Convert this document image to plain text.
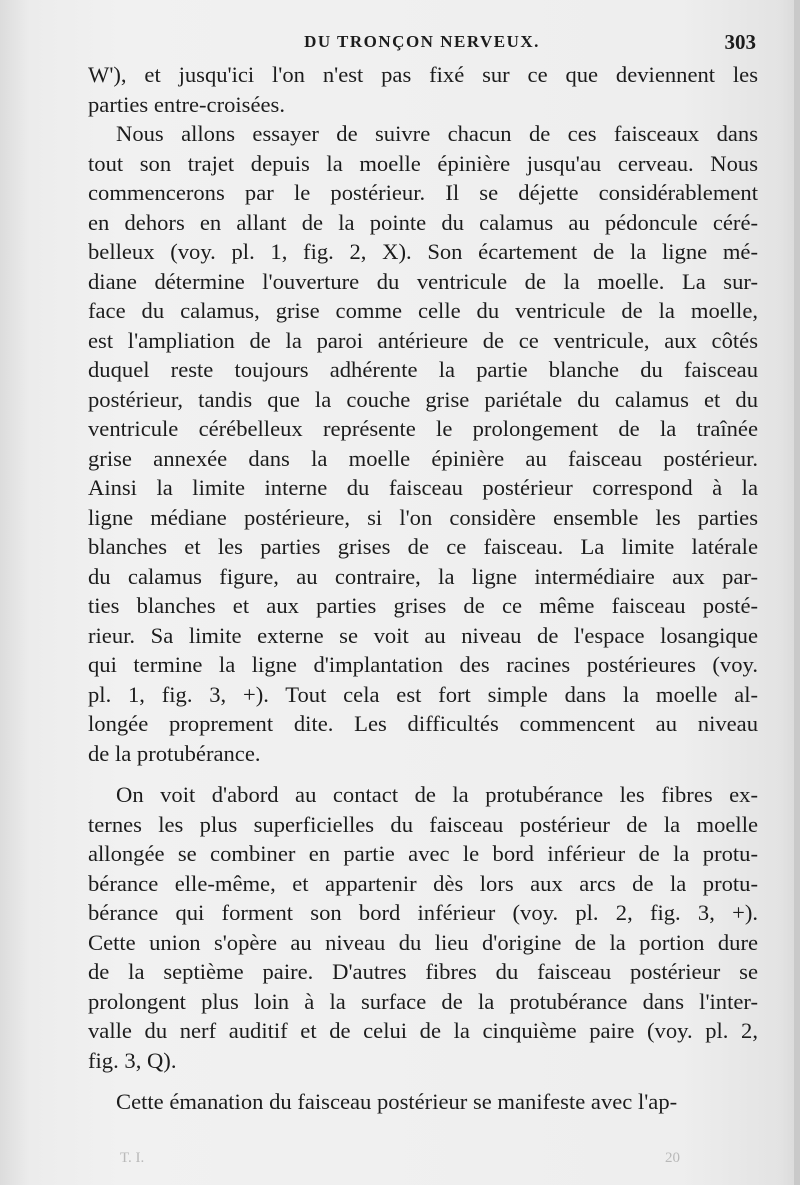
DU TRONÇON NERVEUX.	303
W'), et jusqu'ici l'on n'est pas fixé sur ce que deviennent les
parties entre-croisées.
Nous allons essayer de suivre chacun de ces faisceaux dans
tout son trajet depuis la moelle épinière jusqu'au cerveau. Nous
commencerons par le postérieur. Il se déjette considérablement
en dehors en allant de la pointe du calamus au pédoncule céré-
belleux (voy. pl. 1, fig. 2, X). Son écartement de la ligne mé-
diane détermine l'ouverture du ventricule de la moelle. La sur-
face du calamus, grise comme celle du ventricule de la moelle,
est l'ampliation de la paroi antérieure de ce ventricule, aux côtés
duquel reste toujours adhérente la partie blanche du faisceau
postérieur, tandis que la couche grise pariétale du calamus et du
ventricule cérébelleux représente le prolongement de la traînée
grise annexée dans la moelle épinière au faisceau postérieur.
Ainsi la limite interne du faisceau postérieur correspond à la
ligne médiane postérieure, si l'on considère ensemble les parties
blanches et les parties grises de ce faisceau. La limite latérale
du calamus figure, au contraire, la ligne intermédiaire aux par-
ties blanches et aux parties grises de ce même faisceau posté-
rieur. Sa limite externe se voit au niveau de l'espace losangique
qui termine la ligne d'implantation des racines postérieures (voy.
pl. 1, fig. 3, +). Tout cela est fort simple dans la moelle al-
longée proprement dite. Les difficultés commencent au niveau
de la protubérance.
On voit d'abord au contact de la protubérance les fibres ex-
ternes les plus superficielles du faisceau postérieur de la moelle
allongée se combiner en partie avec le bord inférieur de la protu-
bérance elle-même, et appartenir dès lors aux arcs de la protu-
bérance qui forment son bord inférieur (voy. pl. 2, fig. 3, +).
Cette union s'opère au niveau du lieu d'origine de la portion dure
de la septième paire. D'autres fibres du faisceau postérieur se
prolongent plus loin à la surface de la protubérance dans l'inter-
valle du nerf auditif et de celui de la cinquième paire (voy. pl. 2,
fig. 3, Q).
Cette émanation du faisceau postérieur se manifeste avec l'ap-
T. I.	20
